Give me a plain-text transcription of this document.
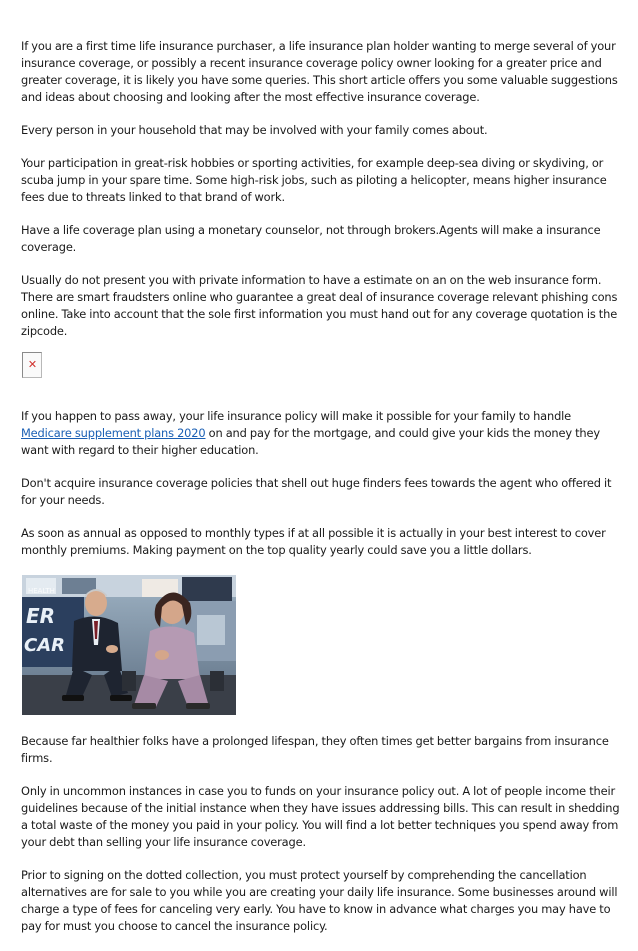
If you are a first time life insurance purchaser, a life insurance plan holder wanting to merge several of your insurance coverage, or possibly a recent insurance coverage policy owner looking for a greater price and greater coverage, it is likely you have some queries. This short article offers you some valuable suggestions and ideas about choosing and looking after the most effective insurance coverage.

Every person in your household that may be involved with your family comes about.

Your participation in great-risk hobbies or sporting activities, for example deep-sea diving or skydiving, or scuba jump in your spare time. Some high-risk jobs, such as piloting a helicopter, means higher insurance fees due to threats linked to that brand of work.

Have a life coverage plan using a monetary counselor, not through brokers.Agents will make a insurance coverage.

Usually do not present you with private information to have a estimate on an on the web insurance form. There are smart fraudsters online who guarantee a great deal of insurance coverage relevant phishing cons online. Take into account that the sole first information you must hand out for any coverage quotation is the zipcode.

✕

If you happen to pass away, your life insurance policy will make it possible for your family to handle Medicare supplement plans 2020 on and pay for the mortgage, and could give your kids the money they want with regard to their higher education.

Don't acquire insurance coverage policies that shell out huge finders fees towards the agent who offered it for your needs.

As soon as annual as opposed to monthly types if at all possible it is actually in your best interest to cover monthly premiums. Making payment on the top quality yearly could save you a little dollars.

ER
CAR
HEALTH

Because far healthier folks have a prolonged lifespan, they often times get better bargains from insurance firms.

Only in uncommon instances in case you to funds on your insurance policy out. A lot of people income their guidelines because of the initial instance when they have issues addressing bills. This can result in shedding a total waste of the money you paid in your policy. You will find a lot better techniques you spend away from your debt than selling your life insurance coverage.

Prior to signing on the dotted collection, you must protect yourself by comprehending the cancellation alternatives are for sale to you while you are creating your daily life insurance. Some businesses around will charge a type of fees for canceling very early. You have to know in advance what charges you may have to pay for must you choose to cancel the insurance policy.
